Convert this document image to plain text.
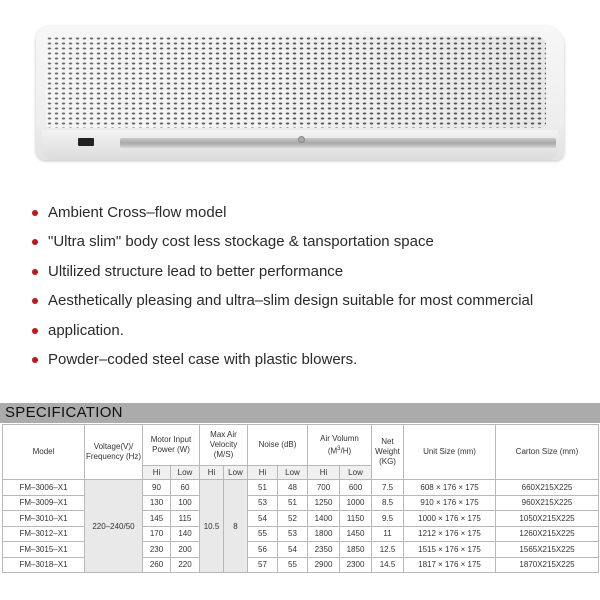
Ambient Cross–flow model
"Ultra slim" body cost less stockage & tansportation space
Ultilized structure lead to better performance
Aesthetically pleasing and ultra–slim design suitable for most commercial
application.
Powder–coded steel case with plastic blowers.
SPECIFICATION
Model	Voltage(V)/ Frequency (Hz)	Motor Input Power (W)		Max Air Velocity (M/S)		Noise (dB)		Air Volumn $(M^3/H)$		Net Weight (KG)	Unit Size (mm)	Carton Size (mm)

		Hi	Low	Hi	Low	Hi	Low	Hi	Low			
FM–3006–X1	220–240/50	90	60	10.5	8	51	48	700	600	7.5	608 × 176 × 175	660X215X225
FM–3009–X1		130	100			53	51	1250	1000	8.5	910 × 176 × 175	960X215X225
FM–3010–X1		145	115			54	52	1400	1150	9.5	1000 × 176 × 175	1050X215X225
FM–3012–X1		170	140			55	53	1800	1450	11	1212 × 176 × 175	1260X215X225
FM–3015–X1		230	200			56	54	2350	1850	12.5	1515 × 176 × 175	1565X215X225
FM–3018–X1		260	220			57	55	2900	2300	14.5	1817 × 176 × 175	1870X215X225
